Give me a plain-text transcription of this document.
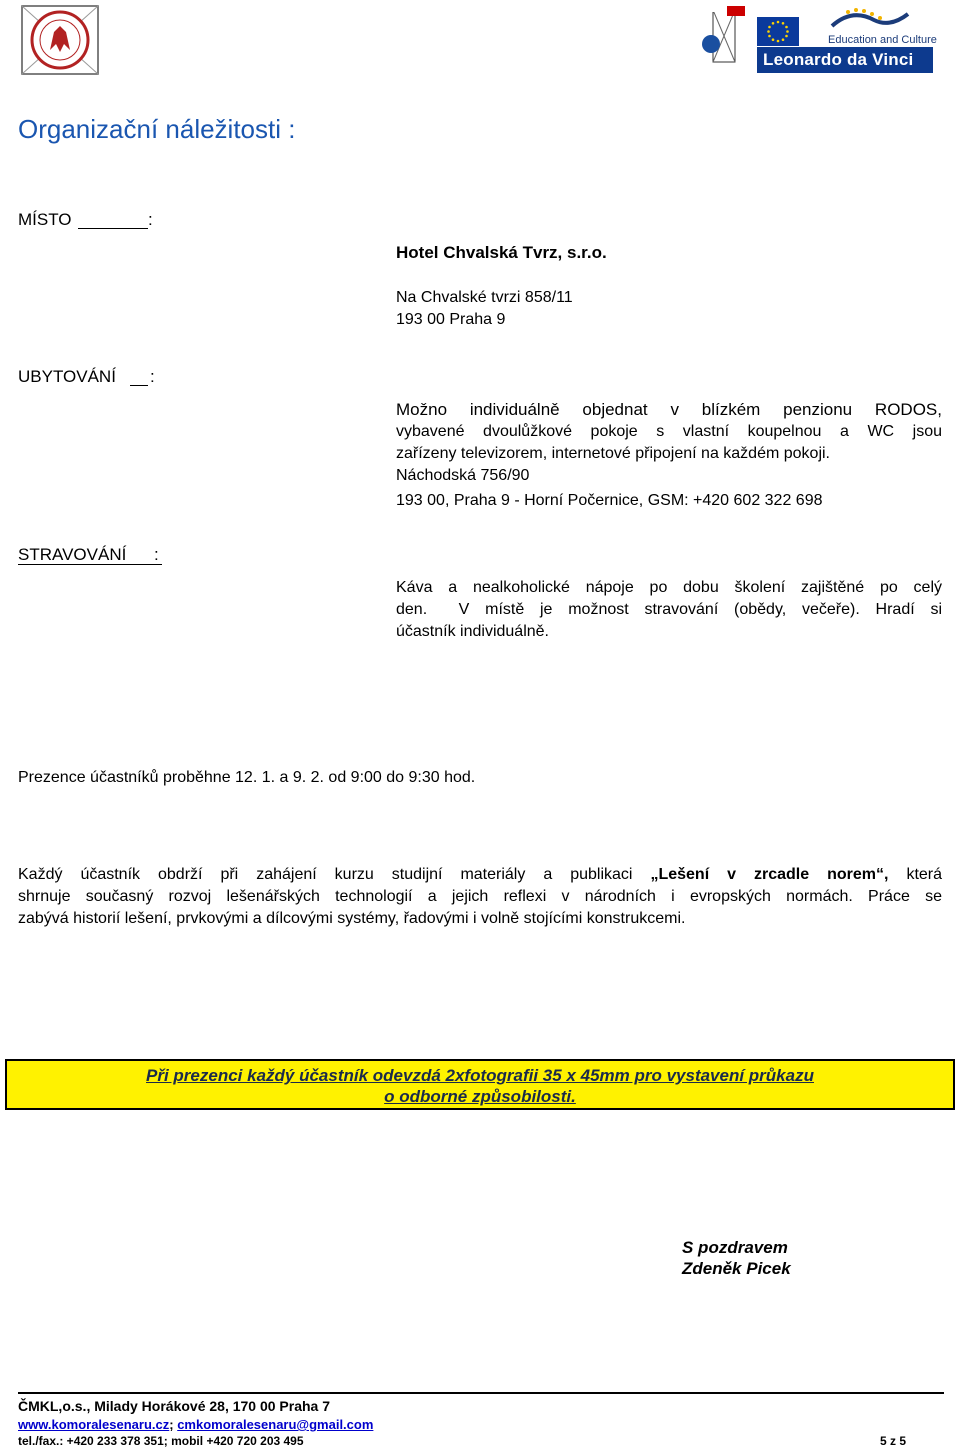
Education and Culture
Leonardo da Vinci
Organizační náležitosti :
MÍSTO	:
Hotel Chvalská Tvrz, s.r.o.
Na Chvalské tvrzi 858/11
193 00 Praha 9
UBYTOVÁNÍ :
Možno individuálně objednat v blízkém penzionu RODOS,
vybavené dvoulůžkové pokoje s vlastní koupelnou a WC jsou
zařízeny televizorem, internetové připojení na každém pokoji.
Náchodská 756/90
193 00, Praha 9 - Horní Počernice, GSM: +420 602 322 698
STRAVOVÁNÍ :
Káva a nealkoholické nápoje po dobu školení zajištěné po celý
den.  V místě je možnost stravování (obědy, večeře). Hradí si
účastník individuálně.
Prezence účastníků proběhne 12. 1. a 9. 2. od 9:00 do 9:30 hod.
Každý účastník obdrží při zahájení kurzu studijní materiály a publikaci „Lešení v zrcadle norem“, která
shrnuje současný rozvoj lešenářských technologií a jejich reflexi v národních i evropských normách. Práce se
zabývá historií lešení, prvkovými a dílcovými systémy, řadovými i volně stojícími konstrukcemi.
Při prezenci každý účastník odevzdá 2xfotografii 35 x 45mm pro vystavení průkazu
o odborné způsobilosti.
S pozdravem
Zdeněk Picek
ČMKL,o.s., Milady Horákové 28, 170 00 Praha 7
www.komoralesenaru.cz; cmkomoralesenaru@gmail.com
tel./fax.: +420 233 378 351; mobil +420 720 203 495	5 z 5
